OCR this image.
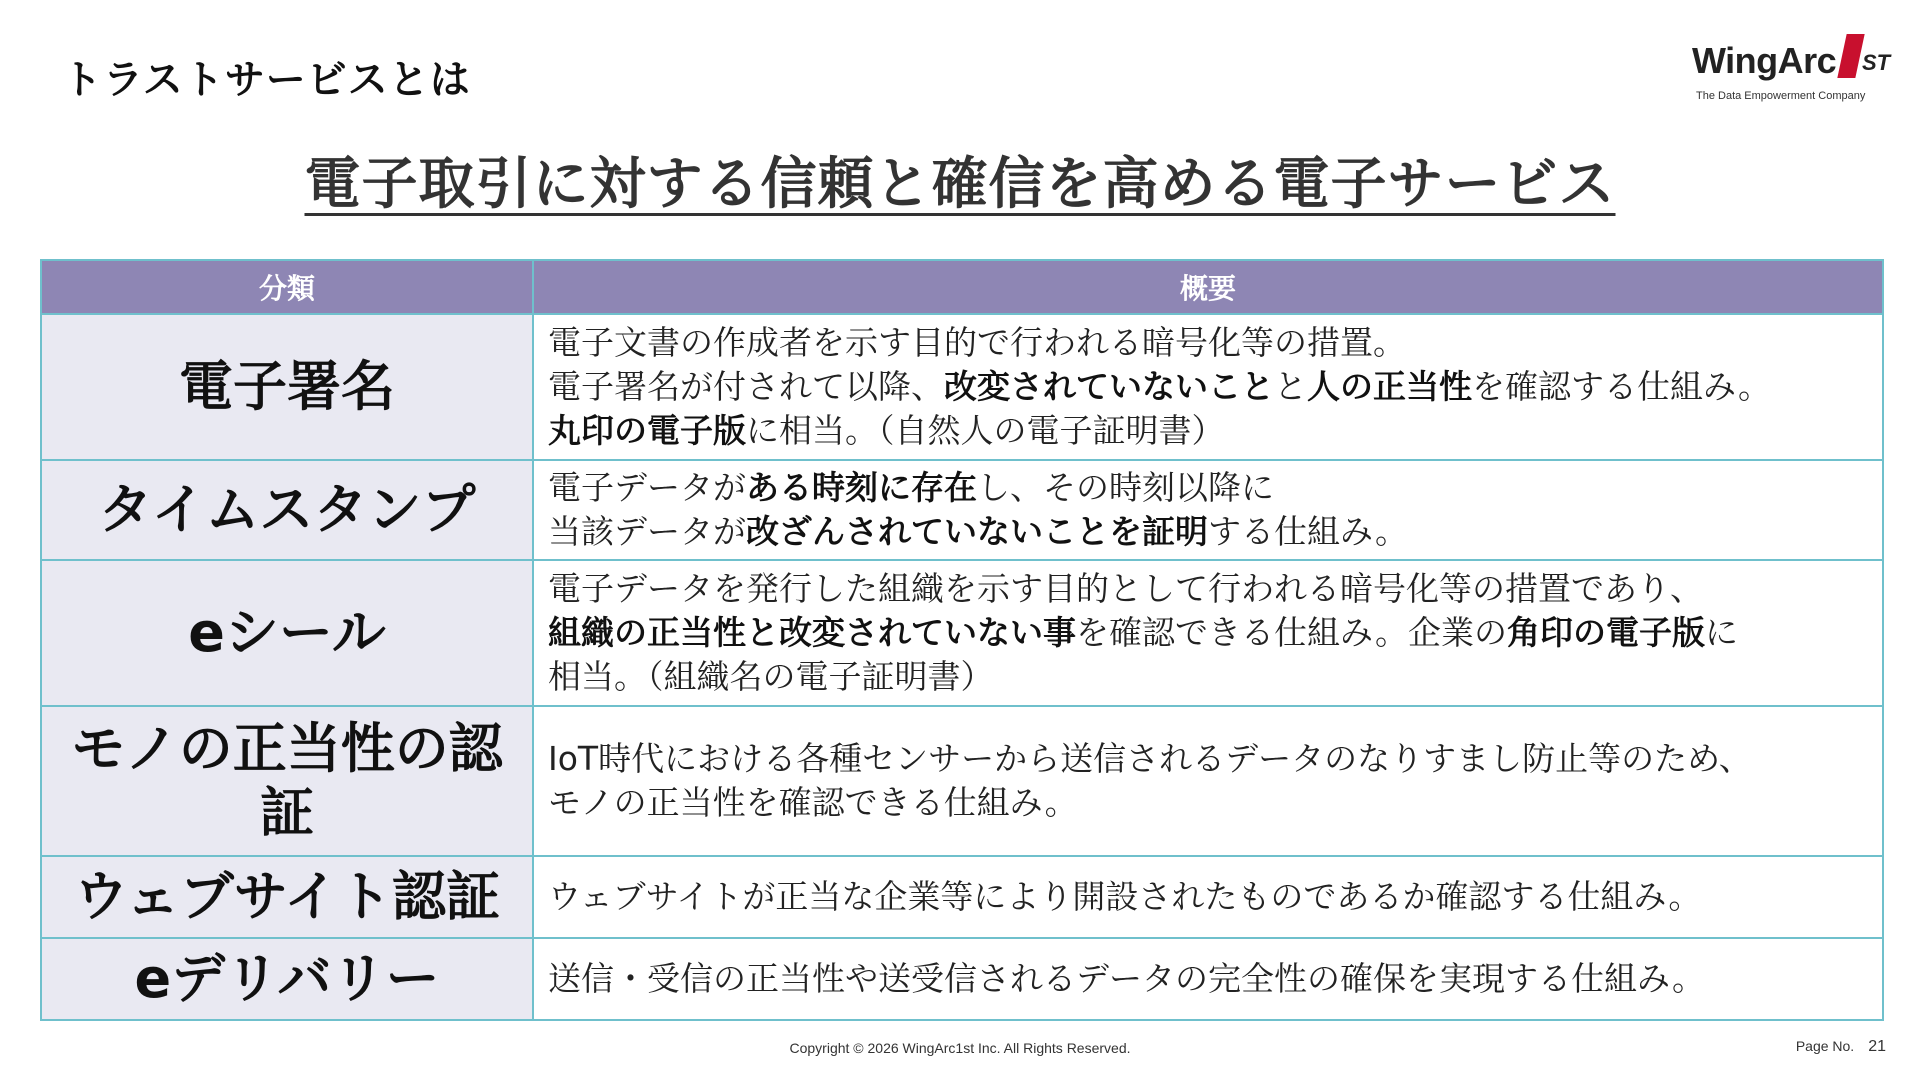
トラストサービスとは	WingArc ST
The Data Empowerment Company
電子取引に対する信頼と確信を高める電子サービス
分類	概要
電子署名	電子文書の作成者を示す目的で行われる暗号化等の措置。
電子署名が付されて以降、改変されていないことと人の正当性を確認する仕組み。
丸印の電子版に相当。（自然人の電子証明書）

タイムスタンプ	電子データがある時刻に存在し、その時刻以降に
当該データが改ざんされていないことを証明する仕組み。

eシール	電子データを発行した組織を示す目的として行われる暗号化等の措置であり、
組織の正当性と改変されていない事を確認できる仕組み。企業の角印の電子版に
相当。（組織名の電子証明書）

モノの正当性の認証	IoT時代における各種センサーから送信されるデータのなりすまし防止等のため、
モノの正当性を確認できる仕組み。

ウェブサイト認証	ウェブサイトが正当な企業等により開設されたものであるか確認する仕組み。

eデリバリー	送信・受信の正当性や送受信されるデータの完全性の確保を実現する仕組み。
Copyright © 2026 WingArc1st Inc. All Rights Reserved.	Page No. 21
